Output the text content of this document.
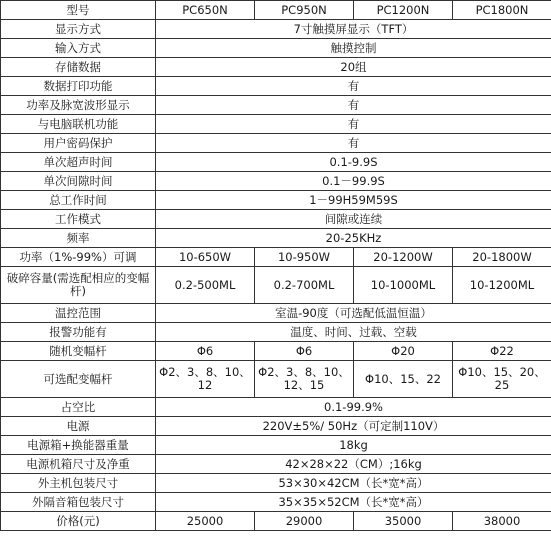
型号	PC650N	PC950N	PC1200N	PC1800N
显示方式	7寸触摸屏显示（TFT）			
输入方式	触摸控制			
存储数据	20组			
数据打印功能	有			
功率及脉宽波形显示	有			
与电脑联机功能	有			
用户密码保护	有			
单次超声时间	0.1-9.9S			
单次间隙时间	0.1－99.9S			
总工作时间	1－99H59M59S			
工作模式	间隙或连续			
频率	20-25KHz			
功率（1%-99%）可调	10-650W	10-950W	20-1200W	20-1800W
破碎容量(需选配相应的变幅杆)	0.2-500ML	0.2-700ML	10-1000ML	10-1200ML
温控范围	室温-90度（可选配低温恒温）			
报警功能有	温度、时间、过载、空载			
随机变幅杆	Φ6	Φ6	Φ20	Φ22
可选配变幅杆	Φ2、3、8、10、12	Φ2、3、8、10、12、15	Φ10、15、22	Φ10、15、20、25
占空比	0.1-99.9%			
电源	220V±5%/ 50Hz（可定制110V）			
电源箱+换能器重量	18kg			
电源机箱尺寸及净重	42×28×22（CM）;16kg			
外主机包装尺寸	53×30×42CM（长*宽*高）			
外隔音箱包装尺寸	35×35×52CM（长*宽*高）			
价格(元)	25000	29000	35000	38000
